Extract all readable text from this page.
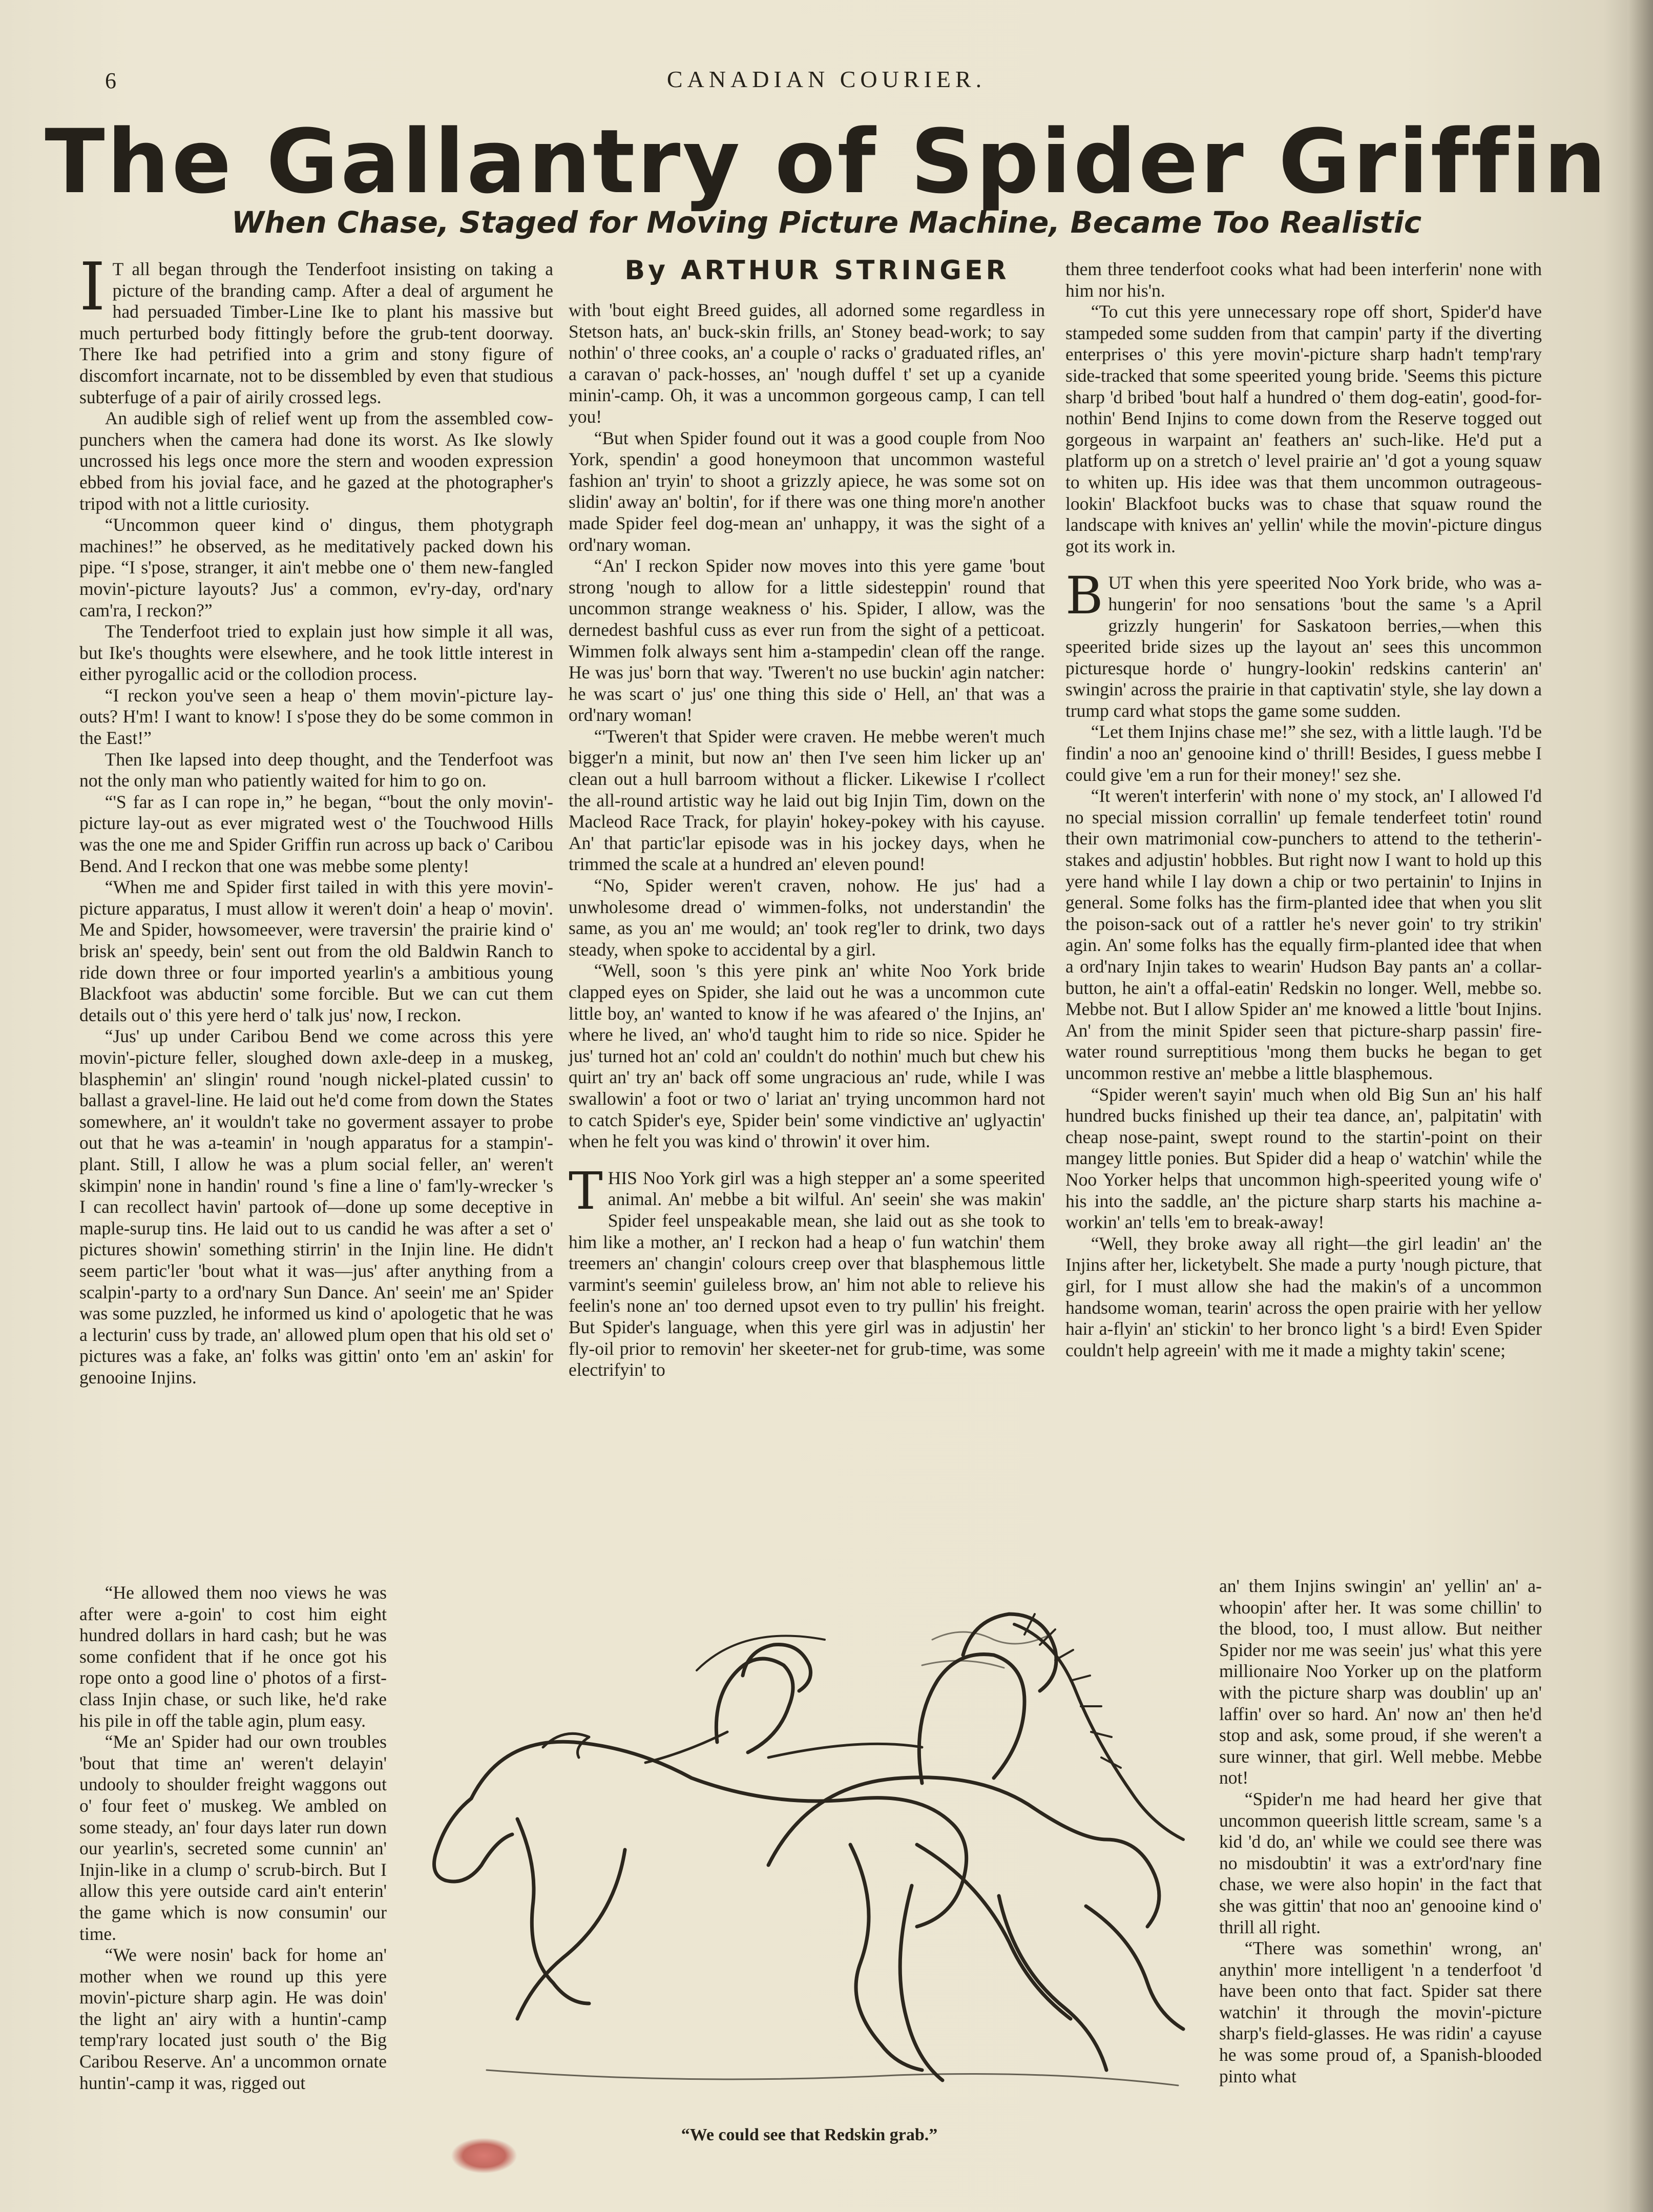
6	CANADIAN COURIER.
The Gallantry of Spider Griffin
When Chase, Staged for Moving Picture Machine, Became Too Realistic
By ARTHUR STRINGER
I T all began through the Tenderfoot insisting on taking a picture of the branding camp. After a deal of argument he had persuaded Timber-Line Ike to plant his massive but much perturbed body fittingly before the grub-tent doorway. There Ike had petrified into a grim and stony figure of discomfort incarnate, not to be dissembled by even that studious subterfuge of a pair of airily crossed legs.

An audible sigh of relief went up from the assembled cow-punchers when the camera had done its worst. As Ike slowly uncrossed his legs once more the stern and wooden expression ebbed from his jovial face, and he gazed at the photographer's tripod with not a little curiosity.

“Uncommon queer kind o' dingus, them photygraph machines!” he observed, as he meditatively packed down his pipe. “I s'pose, stranger, it ain't mebbe one o' them new-fangled movin'-picture layouts? Jus' a common, ev'ry-day, ord'nary cam'ra, I reckon?”

The Tenderfoot tried to explain just how simple it all was, but Ike's thoughts were elsewhere, and he took little interest in either pyrogallic acid or the collodion process.

“I reckon you've seen a heap o' them movin'-picture lay-outs? H'm! I want to know! I s'pose they do be some common in the East!”

Then Ike lapsed into deep thought, and the Tenderfoot was not the only man who patiently waited for him to go on.

“'S far as I can rope in,” he began, “'bout the only movin'-picture lay-out as ever migrated west o' the Touchwood Hills was the one me and Spider Griffin run across up back o' Caribou Bend. And I reckon that one was mebbe some plenty!

“When me and Spider first tailed in with this yere movin'-picture apparatus, I must allow it weren't doin' a heap o' movin'. Me and Spider, howsomeever, were traversin' the prairie kind o' brisk an' speedy, bein' sent out from the old Baldwin Ranch to ride down three or four imported yearlin's a ambitious young Blackfoot was abductin' some forcible. But we can cut them details out o' this yere herd o' talk jus' now, I reckon.

“Jus' up under Caribou Bend we come across this yere movin'-picture feller, sloughed down axle-deep in a muskeg, blasphemin' an' slingin' round 'nough nickel-plated cussin' to ballast a gravel-line. He laid out he'd come from down the States somewhere, an' it wouldn't take no goverment assayer to probe out that he was a-teamin' in 'nough apparatus for a stampin'-plant. Still, I allow he was a plum social feller, an' weren't skimpin' none in handin' round 's fine a line o' fam'ly-wrecker 's I can recollect havin' partook of—done up some deceptive in maple-surup tins. He laid out to us candid he was after a set o' pictures showin' something stirrin' in the Injin line. He didn't seem partic'ler 'bout what it was—jus' after anything from a scalpin'-party to a ord'nary Sun Dance. An' seein' me an' Spider was some puzzled, he informed us kind o' apologetic that he was a lecturin' cuss by trade, an' allowed plum open that his old set o' pictures was a fake, an' folks was gittin' onto 'em an' askin' for genooine Injins.

“He allowed them noo views he was after were a-goin' to cost him eight hundred dollars in hard cash; but he was some confident that if he once got his rope onto a good line o' photos of a first-class Injin chase, or such like, he'd rake his pile in off the table agin, plum easy.

“Me an' Spider had our own troubles 'bout that time an' weren't delayin' undooly to shoulder freight waggons out o' four feet o' muskeg. We ambled on some steady, an' four days later run down our yearlin's, secreted some cunnin' an' Injin-like in a clump o' scrub-birch. But I allow this yere outside card ain't enterin' the game which is now consumin' our time.

“We were nosin' back for home an' mother when we round up this yere movin'-picture sharp agin. He was doin' the light an' airy with a huntin'-camp temp'rary located just south o' the Big Caribou Reserve. An' a uncommon ornate huntin'-camp it was, rigged out

with 'bout eight Breed guides, all adorned some regardless in Stetson hats, an' buck-skin frills, an' Stoney bead-work; to say nothin' o' three cooks, an' a couple o' racks o' graduated rifles, an' a caravan o' pack-hosses, an' 'nough duffel t' set up a cyanide minin'-camp. Oh, it was a uncommon gorgeous camp, I can tell you!

“But when Spider found out it was a good couple from Noo York, spendin' a good honeymoon that uncommon wasteful fashion an' tryin' to shoot a grizzly apiece, he was some sot on slidin' away an' boltin', for if there was one thing more'n another made Spider feel dog-mean an' unhappy, it was the sight of a ord'nary woman.

“An' I reckon Spider now moves into this yere game 'bout strong 'nough to allow for a little sidesteppin' round that uncommon strange weakness o' his. Spider, I allow, was the dernedest bashful cuss as ever run from the sight of a petticoat. Wimmen folk always sent him a-stampedin' clean off the range. He was jus' born that way. 'Tweren't no use buckin' agin natcher: he was scart o' jus' one thing this side o' Hell, an' that was a ord'nary woman!

“'Tweren't that Spider were craven. He mebbe weren't much bigger'n a minit, but now an' then I've seen him licker up an' clean out a hull barroom without a flicker. Likewise I r'collect the all-round artistic way he laid out big Injin Tim, down on the Macleod Race Track, for playin' hokey-pokey with his cayuse. An' that partic'lar episode was in his jockey days, when he trimmed the scale at a hundred an' eleven pound!

“No, Spider weren't craven, nohow. He jus' had a unwholesome dread o' wimmen-folks, not understandin' the same, as you an' me would; an' took reg'ler to drink, two days steady, when spoke to accidental by a girl.

“Well, soon 's this yere pink an' white Noo York bride clapped eyes on Spider, she laid out he was a uncommon cute little boy, an' wanted to know if he was afeared o' the Injins, an' where he lived, an' who'd taught him to ride so nice. Spider he jus' turned hot an' cold an' couldn't do nothin' much but chew his quirt an' try an' back off some ungracious an' rude, while I was swallowin' a foot or two o' lariat an' trying uncommon hard not to catch Spider's eye, Spider bein' some vindictive an' uglyactin' when he felt you was kind o' throwin' it over him.

T HIS Noo York girl was a high stepper an' a some speerited animal. An' mebbe a bit wilful. An' seein' she was makin' Spider feel unspeakable mean, she laid out as she took to him like a mother, an' I reckon had a heap o' fun watchin' them treemers an' changin' colours creep over that blasphemous little varmint's seemin' guileless brow, an' him not able to relieve his feelin's none an' too derned upsot even to try pullin' his freight. But Spider's language, when this yere girl was in adjustin' her fly-oil prior to removin' her skeeter-net for grub-time, was some electrifyin' to

them three tenderfoot cooks what had been interferin' none with him nor his'n.

“To cut this yere unnecessary rope off short, Spider'd have stampeded some sudden from that campin' party if the diverting enterprises o' this yere movin'-picture sharp hadn't temp'rary side-tracked that some speerited young bride. 'Seems this picture sharp 'd bribed 'bout half a hundred o' them dog-eatin', good-for-nothin' Bend Injins to come down from the Reserve togged out gorgeous in warpaint an' feathers an' such-like. He'd put a platform up on a stretch o' level prairie an' 'd got a young squaw to whiten up. His idee was that them uncommon outrageous-lookin' Blackfoot bucks was to chase that squaw round the landscape with knives an' yellin' while the movin'-picture dingus got its work in.

B UT when this yere speerited Noo York bride, who was a-hungerin' for noo sensations 'bout the same 's a April grizzly hungerin' for Saskatoon berries,—when this speerited bride sizes up the layout an' sees this uncommon picturesque horde o' hungry-lookin' redskins canterin' an' swingin' across the prairie in that captivatin' style, she lay down a trump card what stops the game some sudden.

“Let them Injins chase me!” she sez, with a little laugh. 'I'd be findin' a noo an' genooine kind o' thrill! Besides, I guess mebbe I could give 'em a run for their money!' sez she.

“It weren't interferin' with none o' my stock, an' I allowed I'd no special mission corrallin' up female tenderfeet totin' round their own matrimonial cow-punchers to attend to the tetherin'-stakes and adjustin' hobbles. But right now I want to hold up this yere hand while I lay down a chip or two pertainin' to Injins in general. Some folks has the firm-planted idee that when you slit the poison-sack out of a rattler he's never goin' to try strikin' agin. An' some folks has the equally firm-planted idee that when a ord'nary Injin takes to wearin' Hudson Bay pants an' a collar-button, he ain't a offal-eatin' Redskin no longer. Well, mebbe so. Mebbe not. But I allow Spider an' me knowed a little 'bout Injins. An' from the minit Spider seen that picture-sharp passin' fire-water round surreptitious 'mong them bucks he began to get uncommon restive an' mebbe a little blasphemous.

“Spider weren't sayin' much when old Big Sun an' his half hundred bucks finished up their tea dance, an', palpitatin' with cheap nose-paint, swept round to the startin'-point on their mangey little ponies. But Spider did a heap o' watchin' while the Noo Yorker helps that uncommon high-speerited young wife o' his into the saddle, an' the picture sharp starts his machine a-workin' an' tells 'em to break-away!

“Well, they broke away all right—the girl leadin' an' the Injins after her, licketybelt. She made a purty 'nough picture, that girl, for I must allow she had the makin's of a uncommon handsome woman, tearin' across the open prairie with her yellow hair a-flyin' an' stickin' to her bronco light 's a bird! Even Spider couldn't help agreein' with me it made a mighty takin' scene;

an' them Injins swingin' an' yellin' an' a-whoopin' after her. It was some chillin' to the blood, too, I must allow. But neither Spider nor me was seein' jus' what this yere millionaire Noo Yorker up on the platform with the picture sharp was doublin' up an' laffin' over so hard. An' now an' then he'd stop and ask, some proud, if she weren't a sure winner, that girl. Well mebbe. Mebbe not!

“Spider'n me had heard her give that uncommon queerish little scream, same 's a kid 'd do, an' while we could see there was no misdoubtin' it was a extr'ord'nary fine chase, we were also hopin' in the fact that she was gittin' that noo an' genooine kind o' thrill all right.

“There was somethin' wrong, an' anythin' more intelligent 'n a tenderfoot 'd have been onto that fact. Spider sat there watchin' it through the movin'-picture sharp's field-glasses. He was ridin' a cayuse he was some proud of, a Spanish-blooded pinto what

“We could see that Redskin grab.”
